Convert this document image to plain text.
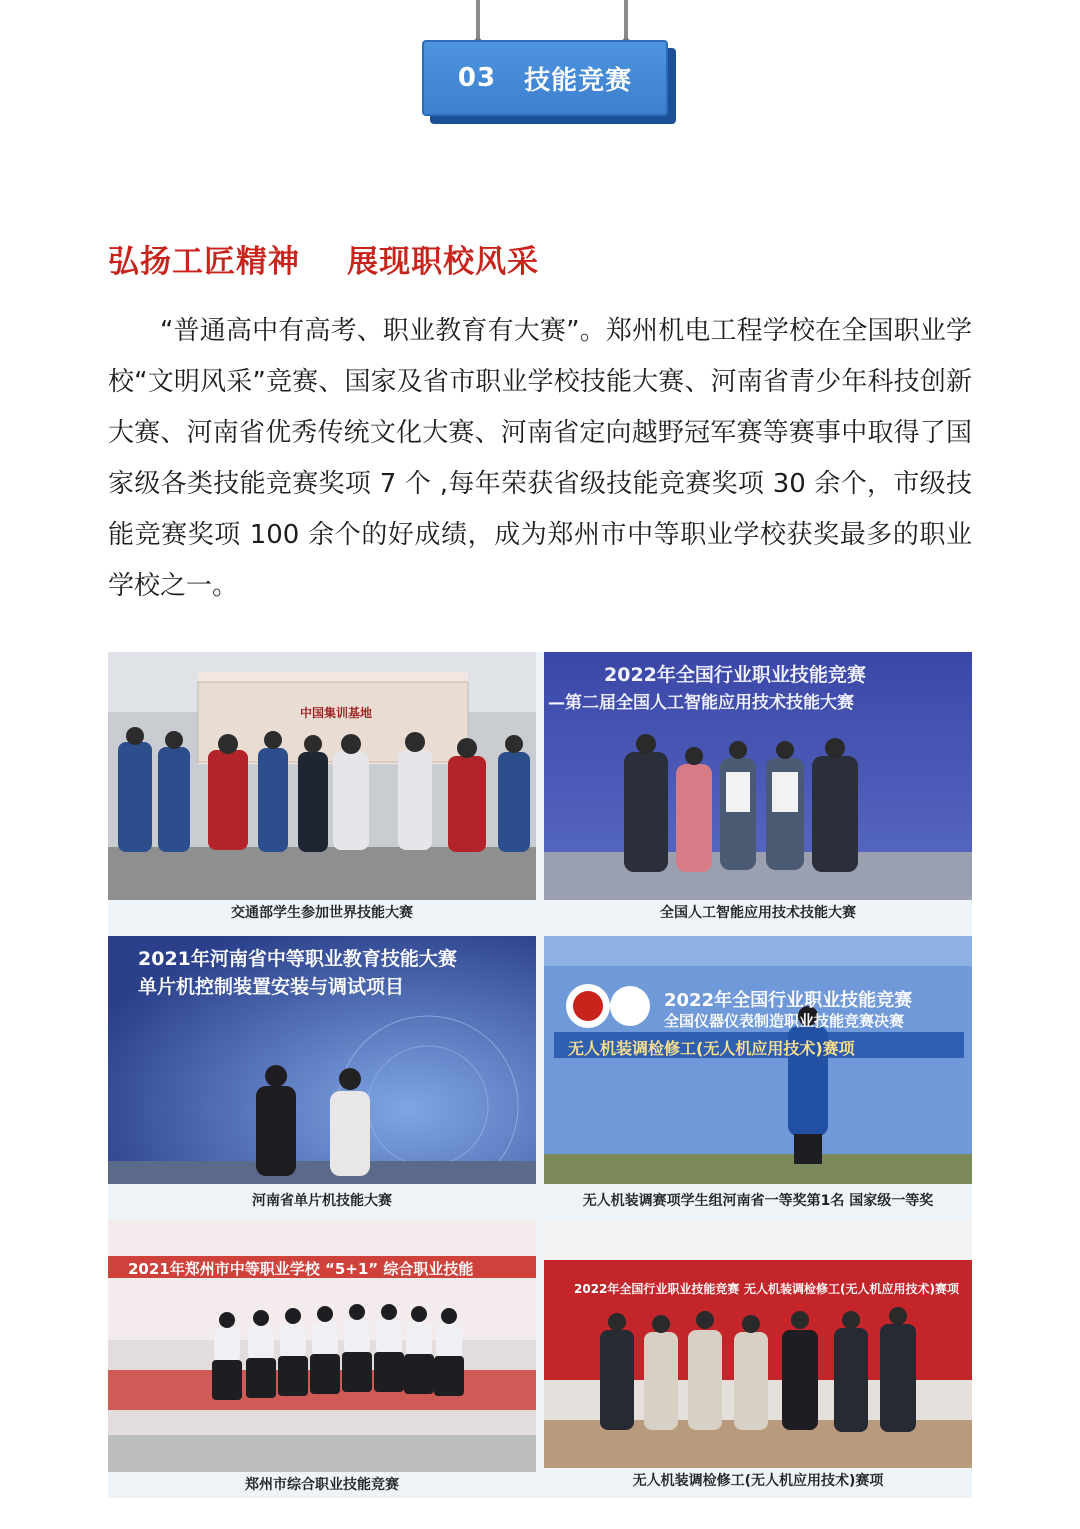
03 技能竞赛
弘扬工匠精神    展现职校风采
“普通高中有高考、职业教育有大赛”。郑州机电工程学校在全国职业学校“文明风采”竞赛、国家及省市职业学校技能大赛、河南省青少年科技创新大赛、河南省优秀传统文化大赛、河南省定向越野冠军赛等赛事中取得了国家级各类技能竞赛奖项 7 个 ,每年荣获省级技能竞赛奖项 30 余个，市级技能竞赛奖项 100 余个的好成绩，成为郑州市中等职业学校获奖最多的职业学校之一。
中国集训基地
交通部学生参加世界技能大赛
2022年全国行业职业技能竞赛
—第二届全国人工智能应用技术技能大赛
全国人工智能应用技术技能大赛
2021年河南省中等职业教育技能大赛
单片机控制装置安装与调试项目
河南省单片机技能大赛
2022年全国行业职业技能竞赛
全国仪器仪表制造职业技能竞赛决赛
无人机装调检修工(无人机应用技术)赛项
无人机装调赛项学生组河南省一等奖第1名 国家级一等奖
2021年郑州市中等职业学校 “5+1” 综合职业技能
郑州市综合职业技能竞赛
2022年全国行业职业技能竞赛 无人机装调检修工(无人机应用技术)赛项
无人机装调检修工(无人机应用技术)赛项
